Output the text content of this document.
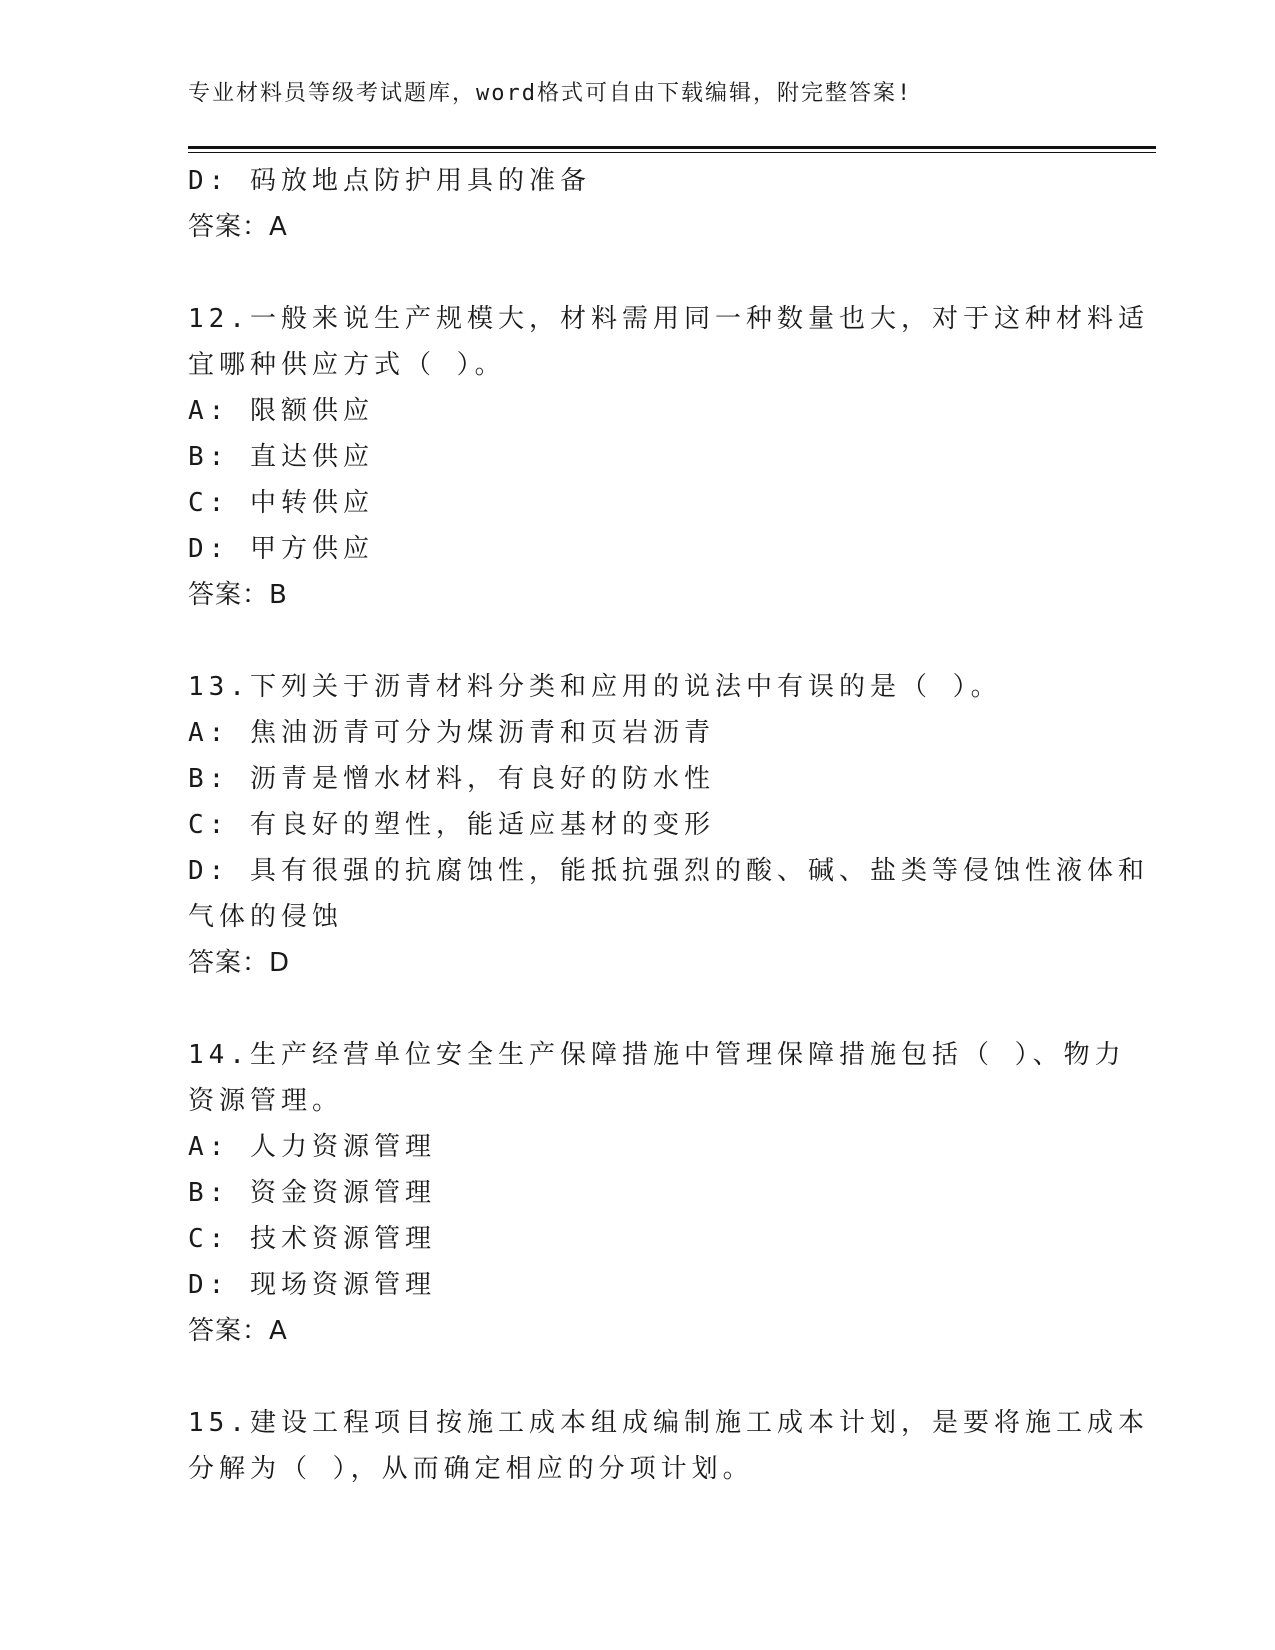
专业材料员等级考试题库，word格式可自由下载编辑，附完整答案!
D: 码放地点防护用具的准备
答案：A
12.一般来说生产规模大，材料需用同一种数量也大，对于这种材料适
宜哪种供应方式（ ）。
A: 限额供应
B: 直达供应
C: 中转供应
D: 甲方供应
答案：B
13.下列关于沥青材料分类和应用的说法中有误的是（ ）。
A: 焦油沥青可分为煤沥青和页岩沥青
B: 沥青是憎水材料，有良好的防水性
C: 有良好的塑性，能适应基材的变形
D: 具有很强的抗腐蚀性，能抵抗强烈的酸、碱、盐类等侵蚀性液体和
气体的侵蚀
答案：D
14.生产经营单位安全生产保障措施中管理保障措施包括（ ）、物力
资源管理。
A: 人力资源管理
B: 资金资源管理
C: 技术资源管理
D: 现场资源管理
答案：A
15.建设工程项目按施工成本组成编制施工成本计划，是要将施工成本
分解为（ ），从而确定相应的分项计划。
